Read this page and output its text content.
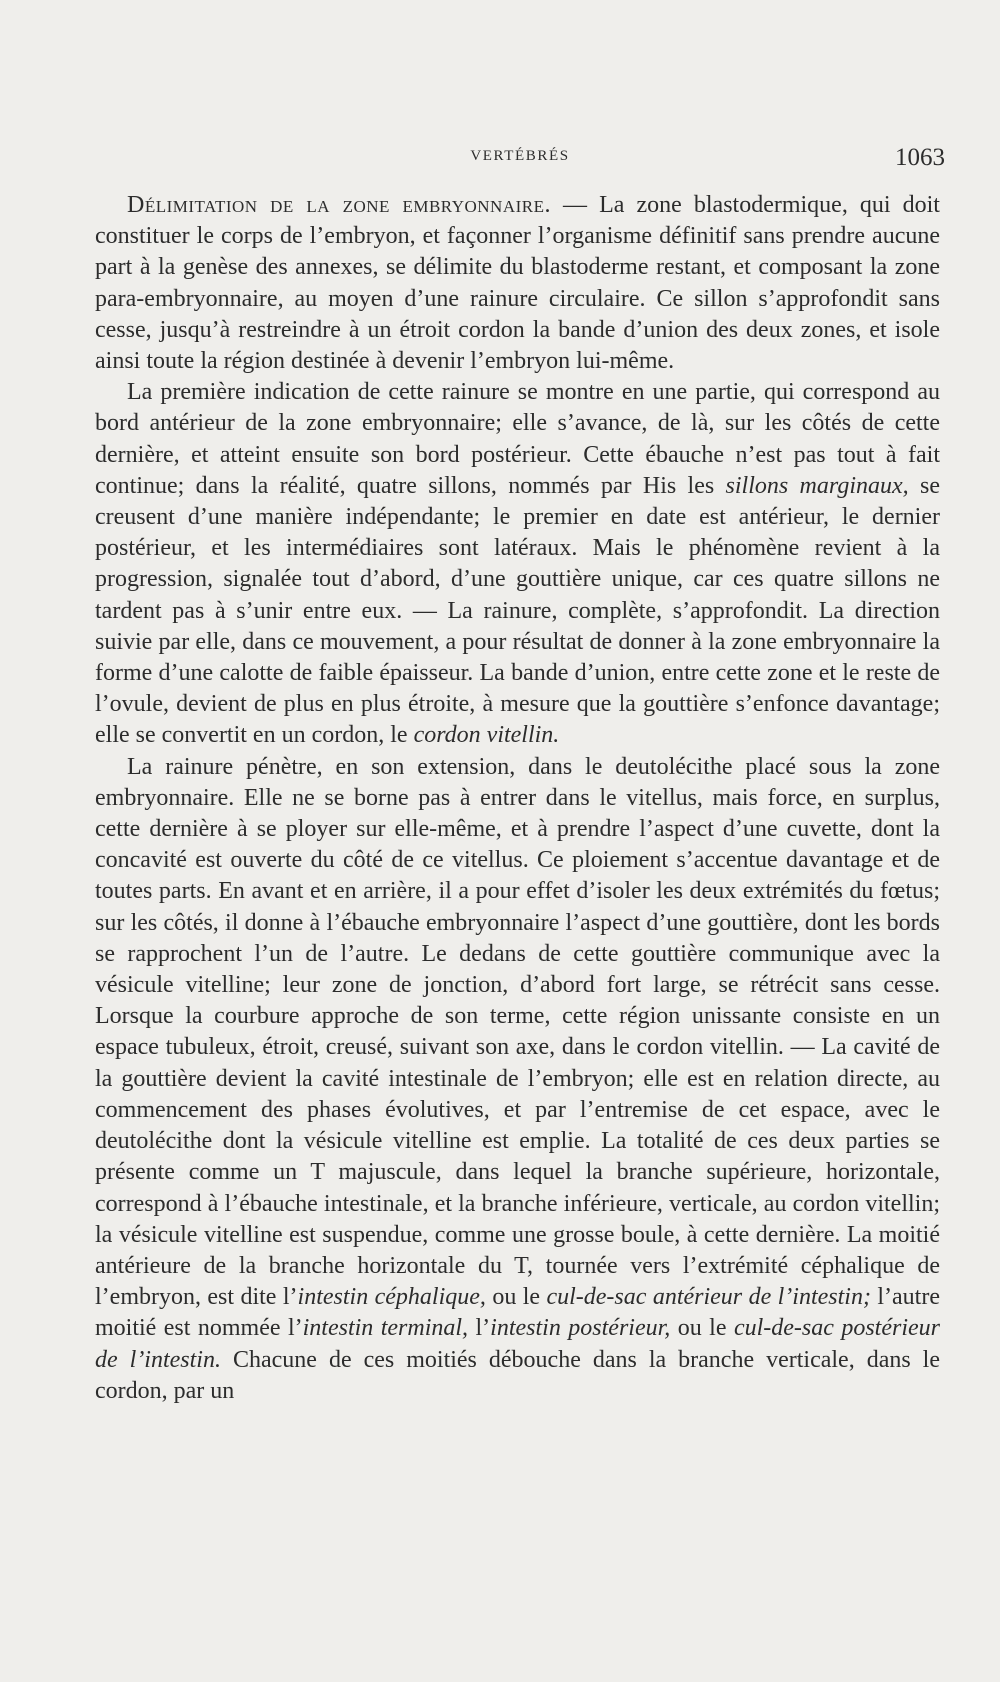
VERTÉBRÉS	1063

Délimitation de la zone embryonnaire. — La zone blastodermique, qui doit constituer le corps de l’embryon, et façonner l’organisme définitif sans prendre aucune part à la genèse des annexes, se délimite du blastoderme restant, et composant la zone para-embryonnaire, au moyen d’une rainure circulaire. Ce sillon s’approfondit sans cesse, jusqu’à restreindre à un étroit cordon la bande d’union des deux zones, et isole ainsi toute la région destinée à devenir l’embryon lui-même.

La première indication de cette rainure se montre en une partie, qui correspond au bord antérieur de la zone embryonnaire; elle s’avance, de là, sur les côtés de cette dernière, et atteint ensuite son bord postérieur. Cette ébauche n’est pas tout à fait continue; dans la réalité, quatre sillons, nommés par His les sillons marginaux, se creusent d’une manière indépendante; le premier en date est antérieur, le dernier postérieur, et les intermédiaires sont latéraux. Mais le phénomène revient à la progression, signalée tout d’abord, d’une gouttière unique, car ces quatre sillons ne tardent pas à s’unir entre eux. — La rainure, complète, s’approfondit. La direction suivie par elle, dans ce mouvement, a pour résultat de donner à la zone embryonnaire la forme d’une calotte de faible épaisseur. La bande d’union, entre cette zone et le reste de l’ovule, devient de plus en plus étroite, à mesure que la gouttière s’enfonce davantage; elle se convertit en un cordon, le cordon vitellin.

La rainure pénètre, en son extension, dans le deutolécithe placé sous la zone embryonnaire. Elle ne se borne pas à entrer dans le vitellus, mais force, en surplus, cette dernière à se ployer sur elle-même, et à prendre l’aspect d’une cuvette, dont la concavité est ouverte du côté de ce vitellus. Ce ploiement s’accentue davantage et de toutes parts. En avant et en arrière, il a pour effet d’isoler les deux extrémités du fœtus; sur les côtés, il donne à l’ébauche embryonnaire l’aspect d’une gouttière, dont les bords se rapprochent l’un de l’autre. Le dedans de cette gouttière communique avec la vésicule vitelline; leur zone de jonction, d’abord fort large, se rétrécit sans cesse. Lorsque la courbure approche de son terme, cette région unissante consiste en un espace tubuleux, étroit, creusé, suivant son axe, dans le cordon vitellin. — La cavité de la gouttière devient la cavité intestinale de l’embryon; elle est en relation directe, au commencement des phases évolutives, et par l’entremise de cet espace, avec le deutolécithe dont la vésicule vitelline est emplie. La totalité de ces deux parties se présente comme un T majuscule, dans lequel la branche supérieure, horizontale, correspond à l’ébauche intestinale, et la branche inférieure, verticale, au cordon vitellin; la vésicule vitelline est suspendue, comme une grosse boule, à cette dernière. La moitié antérieure de la branche horizontale du T, tournée vers l’extrémité céphalique de l’embryon, est dite l’intestin céphalique, ou le cul-de-sac antérieur de l’intestin; l’autre moitié est nommée l’intestin terminal, l’intestin postérieur, ou le cul-de-sac postérieur de l’intestin. Chacune de ces moitiés débouche dans la branche verticale, dans le cordon, par un
